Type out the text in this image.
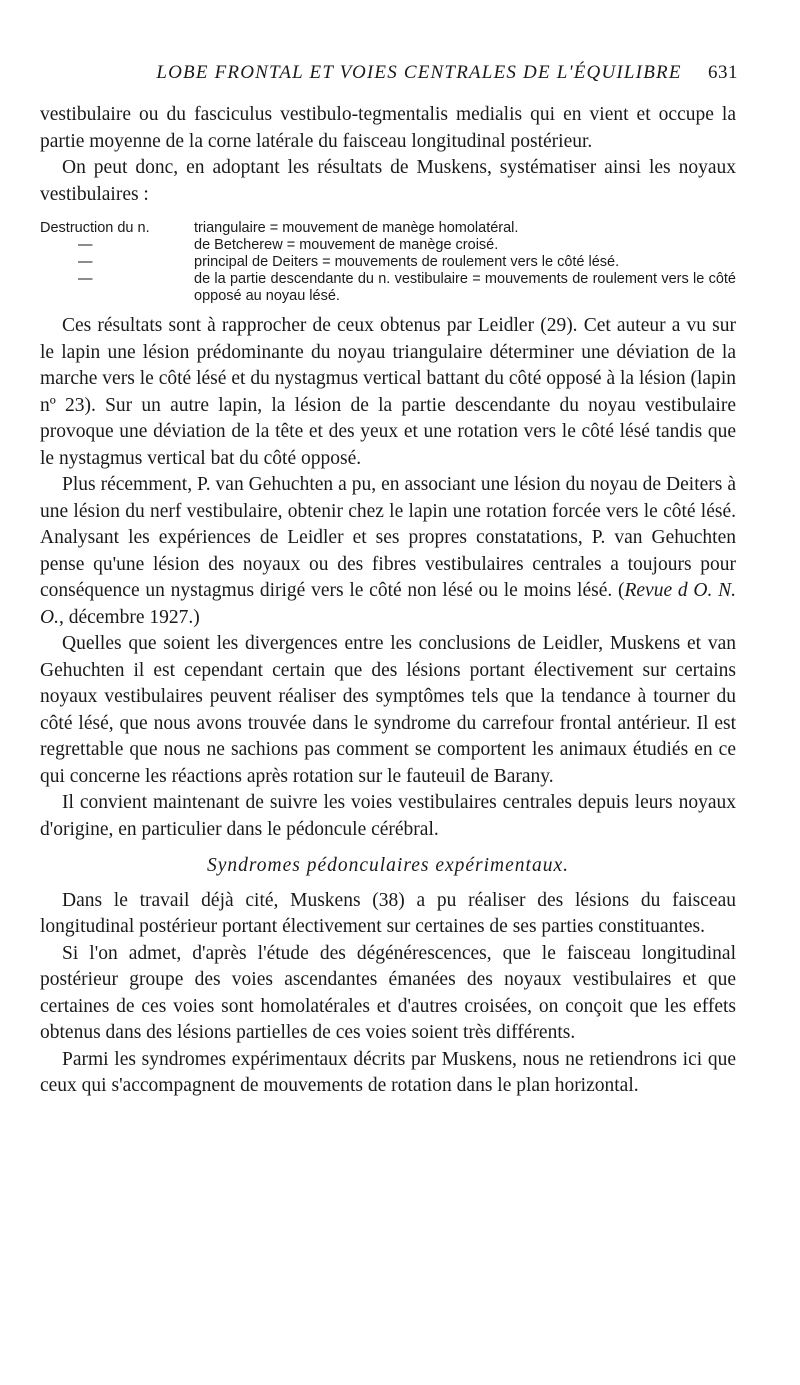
LOBE FRONTAL ET VOIES CENTRALES DE L'ÉQUILIBRE	631

vestibulaire ou du fasciculus vestibulo-tegmentalis medialis qui en vient et occupe la partie moyenne de la corne latérale du faisceau longitudinal postérieur.

On peut donc, en adoptant les résultats de Muskens, systématiser ainsi les noyaux vestibulaires :

Destruction du n.	triangulaire = mouvement de manège homolatéral.
—	de Betcherew = mouvement de manège croisé.
—	principal de Deiters = mouvements de roulement vers le côté lésé.
—	de la partie descendante du n. vestibulaire = mouvements de roulement vers le côté opposé au noyau lésé.

Ces résultats sont à rapprocher de ceux obtenus par Leidler (29). Cet auteur a vu sur le lapin une lésion prédominante du noyau triangulaire déterminer une déviation de la marche vers le côté lésé et du nystagmus vertical battant du côté opposé à la lésion (lapin nº 23). Sur un autre lapin, la lésion de la partie descendante du noyau vestibulaire provoque une déviation de la tête et des yeux et une rotation vers le côté lésé tandis que le nystagmus vertical bat du côté opposé.

Plus récemment, P. van Gehuchten a pu, en associant une lésion du noyau de Deiters à une lésion du nerf vestibulaire, obtenir chez le lapin une rotation forcée vers le côté lésé. Analysant les expériences de Leidler et ses propres constatations, P. van Gehuchten pense qu'une lésion des noyaux ou des fibres vestibulaires centrales a toujours pour conséquence un nystagmus dirigé vers le côté non lésé ou le moins lésé. (Revue d O. N. O., décembre 1927.)

Quelles que soient les divergences entre les conclusions de Leidler, Muskens et van Gehuchten il est cependant certain que des lésions portant électivement sur certains noyaux vestibulaires peuvent réaliser des symptômes tels que la tendance à tourner du côté lésé, que nous avons trouvée dans le syndrome du carrefour frontal antérieur. Il est regrettable que nous ne sachions pas comment se comportent les animaux étudiés en ce qui concerne les réactions après rotation sur le fauteuil de Barany.

Il convient maintenant de suivre les voies vestibulaires centrales depuis leurs noyaux d'origine, en particulier dans le pédoncule cérébral.

Syndromes pédonculaires expérimentaux.

Dans le travail déjà cité, Muskens (38) a pu réaliser des lésions du faisceau longitudinal postérieur portant électivement sur certaines de ses parties constituantes.

Si l'on admet, d'après l'étude des dégénérescences, que le faisceau longitudinal postérieur groupe des voies ascendantes émanées des noyaux vestibulaires et que certaines de ces voies sont homolatérales et d'autres croisées, on conçoit que les effets obtenus dans des lésions partielles de ces voies soient très différents.

Parmi les syndromes expérimentaux décrits par Muskens, nous ne retiendrons ici que ceux qui s'accompagnent de mouvements de rotation dans le plan horizontal.
